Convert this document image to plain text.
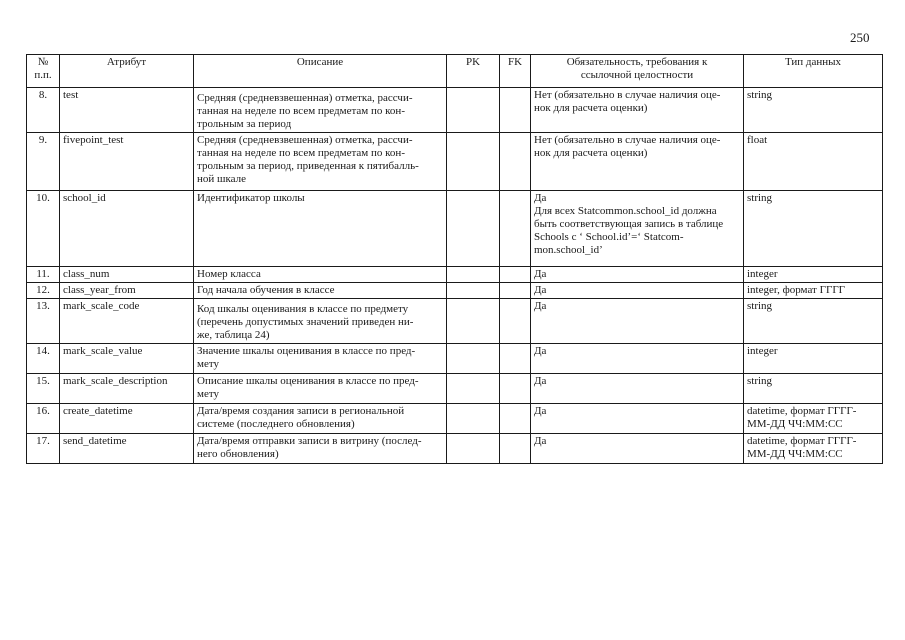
250
№
п.п.	Атрибут	Описание	PK	FK	Обязательность, требования к
ссылочной целостности	Тип данных
8.	test	Средняя (средневзвешенная) отметка, рассчи-
танная на неделе по всем предметам по кон-
трольным за период			Нет (обязательно в случае наличия оце-
нок для расчета оценки)	string
9.	fivepoint_test	Средняя (средневзвешенная) отметка, рассчи-
танная на неделе по всем предметам по кон-
трольным за период, приведенная к пятибалль-
ной шкале			Нет (обязательно в случае наличия оце-
нок для расчета оценки)	float
10.	school_id	Идентификатор школы			Да
Для всех Statcommon.school_id должна
быть соответствующая запись в таблице
Schools с ‘ School.id’=‘ Statcom-
mon.school_id’	string
11.	class_num	Номер класса			Да	integer
12.	class_year_from	Год начала обучения в классе			Да	integer, формат ГГГГ
13.	mark_scale_code	Код шкалы оценивания в классе по предмету
(перечень допустимых значений приведен ни-
же, таблица 24)			Да	string
14.	mark_scale_value	Значение шкалы оценивания в классе по пред-
мету			Да	integer
15.	mark_scale_description	Описание шкалы оценивания в классе по пред-
мету			Да	string
16.	create_datetime	Дата/время создания записи в региональной
системе (последнего обновления)			Да	datetime, формат ГГГГ-
ММ-ДД ЧЧ:ММ:СС
17.	send_datetime	Дата/время отправки записи в витрину (послед-
него обновления)			Да	datetime, формат ГГГГ-
ММ-ДД ЧЧ:ММ:СС
